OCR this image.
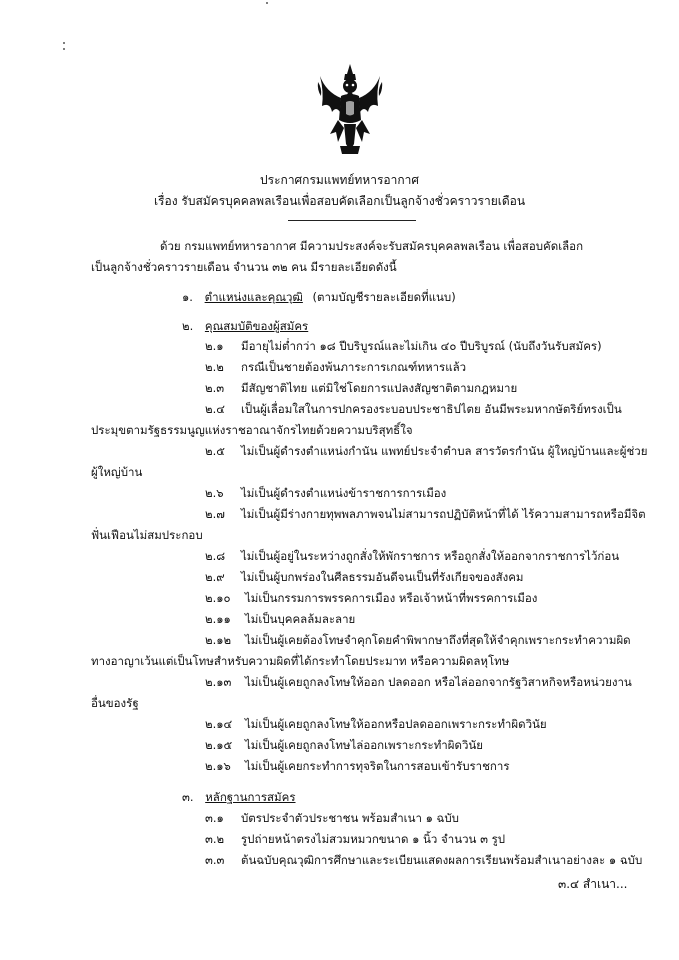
ประกาศกรมแพทย์ทหารอากาศ
เรื่อง รับสมัครบุคคลพลเรือนเพื่อสอบคัดเลือกเป็นลูกจ้างชั่วคราวรายเดือน
ด้วย กรมแพทย์ทหารอากาศ มีความประสงค์จะรับสมัครบุคคลพลเรือน เพื่อสอบคัดเลือก
เป็นลูกจ้างชั่วคราวรายเดือน จำนวน ๓๒ คน มีรายละเอียดดังนี้
๑. ตำแหน่งและคุณวุฒิ (ตามบัญชีรายละเอียดที่แนบ)
๒. คุณสมบัติของผู้สมัคร
๒.๑ มีอายุไม่ต่ำกว่า ๑๘ ปีบริบูรณ์และไม่เกิน ๔๐ ปีบริบูรณ์ (นับถึงวันรับสมัคร)
๒.๒ กรณีเป็นชายต้องพ้นภาระการเกณฑ์ทหารแล้ว
๒.๓ มีสัญชาติไทย แต่มิใช่โดยการแปลงสัญชาติตามกฎหมาย
๒.๔ เป็นผู้เลื่อมใสในการปกครองระบอบประชาธิปไตย อันมีพระมหากษัตริย์ทรงเป็น
ประมุขตามรัฐธรรมนูญแห่งราชอาณาจักรไทยด้วยความบริสุทธิ์ใจ
๒.๕ ไม่เป็นผู้ดำรงตำแหน่งกำนัน แพทย์ประจำตำบล สารวัตรกำนัน ผู้ใหญ่บ้านและผู้ช่วย
ผู้ใหญ่บ้าน
๒.๖ ไม่เป็นผู้ดำรงตำแหน่งข้าราชการการเมือง
๒.๗ ไม่เป็นผู้มีร่างกายทุพพลภาพจนไม่สามารถปฏิบัติหน้าที่ได้ ไร้ความสามารถหรือมีจิต
ฟั่นเฟือนไม่สมประกอบ
๒.๘ ไม่เป็นผู้อยู่ในระหว่างถูกสั่งให้พักราชการ หรือถูกสั่งให้ออกจากราชการไว้ก่อน
๒.๙ ไม่เป็นผู้บกพร่องในศีลธรรมอันดีจนเป็นที่รังเกียจของสังคม
๒.๑๐ ไม่เป็นกรรมการพรรคการเมือง หรือเจ้าหน้าที่พรรคการเมือง
๒.๑๑ ไม่เป็นบุคคลล้มละลาย
๒.๑๒ ไม่เป็นผู้เคยต้องโทษจำคุกโดยคำพิพากษาถึงที่สุดให้จำคุกเพราะกระทำความผิด
ทางอาญาเว้นแต่เป็นโทษสำหรับความผิดที่ได้กระทำโดยประมาท หรือความผิดลหุโทษ
๒.๑๓ ไม่เป็นผู้เคยถูกลงโทษให้ออก ปลดออก หรือไล่ออกจากรัฐวิสาหกิจหรือหน่วยงาน
อื่นของรัฐ
๒.๑๔ ไม่เป็นผู้เคยถูกลงโทษให้ออกหรือปลดออกเพราะกระทำผิดวินัย
๒.๑๕ ไม่เป็นผู้เคยถูกลงโทษไล่ออกเพราะกระทำผิดวินัย
๒.๑๖ ไม่เป็นผู้เคยกระทำการทุจริตในการสอบเข้ารับราชการ
๓. หลักฐานการสมัคร
๓.๑ บัตรประจำตัวประชาชน พร้อมสำเนา ๑ ฉบับ
๓.๒ รูปถ่ายหน้าตรงไม่สวมหมวกขนาด ๑ นิ้ว จำนวน ๓ รูป
๓.๓ ต้นฉบับคุณวุฒิการศึกษาและระเบียนแสดงผลการเรียนพร้อมสำเนาอย่างละ ๑ ฉบับ
๓.๔ สำเนา...
